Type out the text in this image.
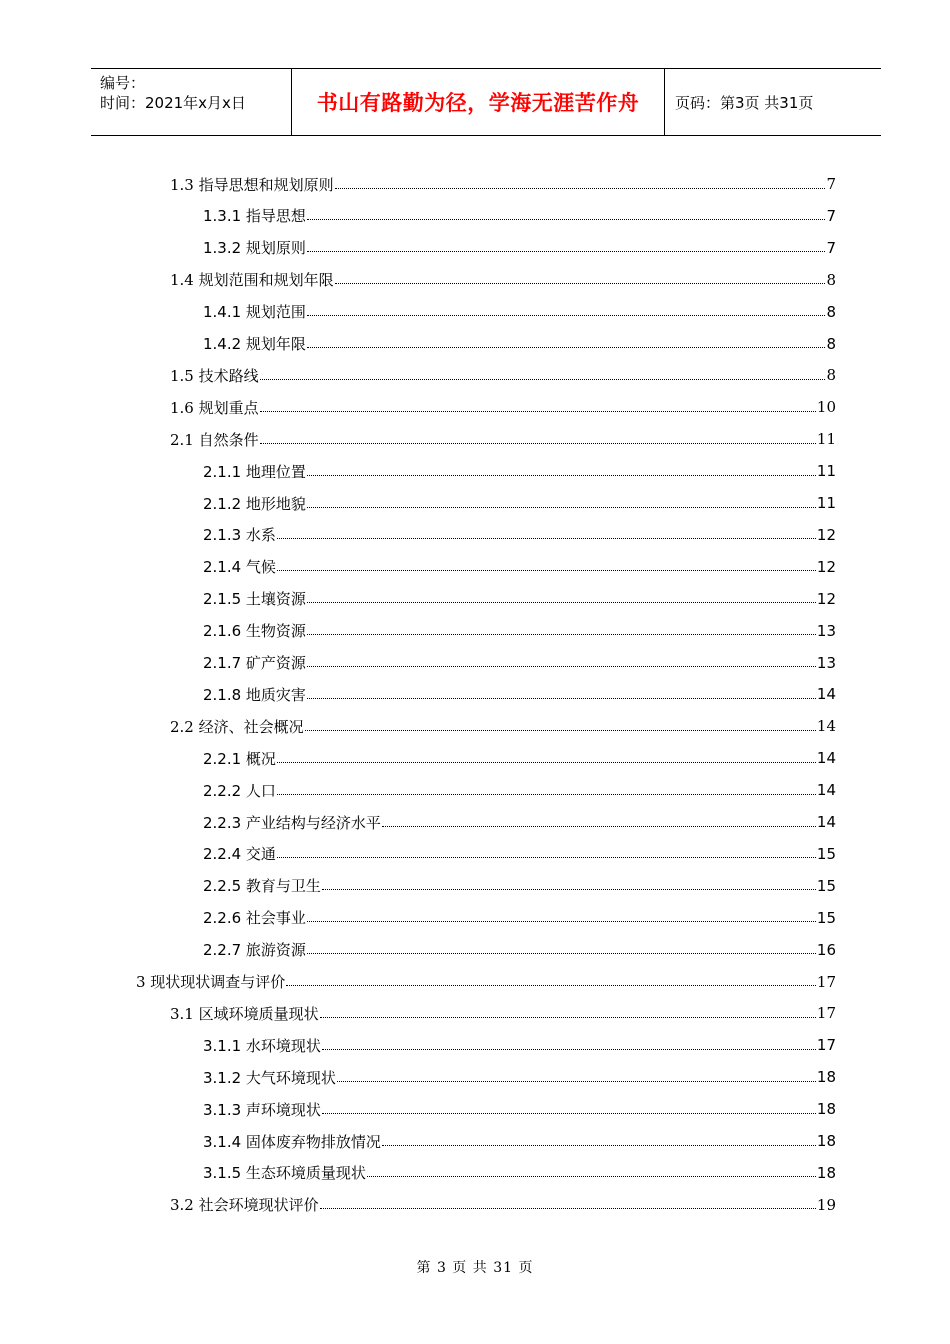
编号：
时间：2021年x月x日	书山有路勤为径，学海无涯苦作舟	页码：第3页 共31页
1.3 指导思想和规划原则	7
1.3.1 指导思想	7
1.3.2 规划原则	7
1.4 规划范围和规划年限	8
1.4.1 规划范围	8
1.4.2 规划年限	8
1.5 技术路线	8
1.6 规划重点	10
2.1 自然条件	11
2.1.1 地理位置	11
2.1.2 地形地貌	11
2.1.3 水系	12
2.1.4 气候	12
2.1.5 土壤资源	12
2.1.6 生物资源	13
2.1.7 矿产资源	13
2.1.8 地质灾害	14
2.2 经济、社会概况	14
2.2.1 概况	14
2.2.2 人口	14
2.2.3 产业结构与经济水平	14
2.2.4 交通	15
2.2.5 教育与卫生	15
2.2.6 社会事业	15
2.2.7 旅游资源	16
3 现状现状调查与评价	17
3.1 区域环境质量现状	17
3.1.1 水环境现状	17
3.1.2 大气环境现状	18
3.1.3 声环境现状	18
3.1.4 固体废弃物排放情况	18
3.1.5 生态环境质量现状	18
3.2 社会环境现状评价	19
第 3 页 共 31 页
